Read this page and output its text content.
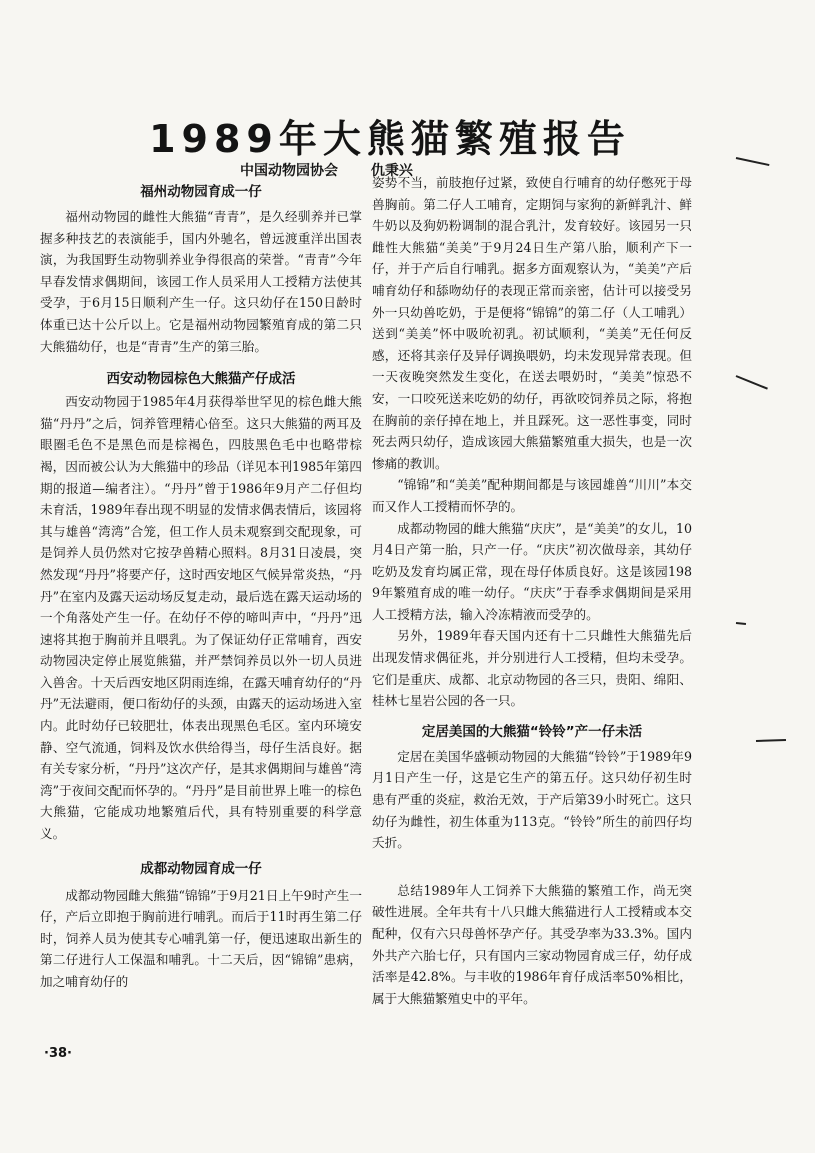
1989年大熊猫繁殖报告
中国动物园协会 仇秉兴
福州动物园育成一仔

福州动物园的雌性大熊猫“青青”，是久经驯养并已掌握多种技艺的表演能手，国内外驰名，曾远渡重洋出国表演，为我国野生动物驯养业争得很高的荣誉。“青青”今年早春发情求偶期间，该园工作人员采用人工授精方法使其受孕，于6月15日顺利产生一仔。这只幼仔在150日龄时体重已达十公斤以上。它是福州动物园繁殖育成的第二只大熊猫幼仔，也是“青青”生产的第三胎。

西安动物园棕色大熊猫产仔成活

西安动物园于1985年4月获得举世罕见的棕色雌大熊猫“丹丹”之后，饲养管理精心倍至。这只大熊猫的两耳及眼圈毛色不是黑色而是棕褐色，四肢黑色毛中也略带棕褐，因而被公认为大熊猫中的珍品（详见本刊1985年第四期的报道—编者注）。“丹丹”曾于1986年9月产二仔但均未育活，1989年春出现不明显的发情求偶表情后，该园将其与雄兽“湾湾”合笼，但工作人员未观察到交配现象，可是饲养人员仍然对它按孕兽精心照料。8月31日凌晨，突然发现“丹丹”将要产仔，这时西安地区气候异常炎热，“丹丹”在室内及露天运动场反复走动，最后选在露天运动场的一个角落处产生一仔。在幼仔不停的啼叫声中，“丹丹”迅速将其抱于胸前并且喂乳。为了保证幼仔正常哺育，西安动物园决定停止展览熊猫，并严禁饲养员以外一切人员进入兽舍。十天后西安地区阴雨连绵，在露天哺育幼仔的“丹丹”无法避雨，便口衔幼仔的头颈，由露天的运动场进入室内。此时幼仔已较肥壮，体表出现黑色毛区。室内环境安静、空气流通，饲料及饮水供给得当，母仔生活良好。据有关专家分析，“丹丹”这次产仔，是其求偶期间与雄兽“湾湾”于夜间交配而怀孕的。“丹丹”是目前世界上唯一的棕色大熊猫，它能成功地繁殖后代，具有特别重要的科学意义。

成都动物园育成一仔

成都动物园雌大熊猫“锦锦”于9月21日上午9时产生一仔，产后立即抱于胸前进行哺乳。而后于11时再生第二仔时，饲养人员为使其专心哺乳第一仔，便迅速取出新生的第二仔进行人工保温和哺乳。十二天后，因“锦锦”患病，加之哺育幼仔的

姿势不当，前肢抱仔过紧，致使自行哺育的幼仔憋死于母兽胸前。第二仔人工哺育，定期饲与家狗的新鲜乳汁、鲜牛奶以及狗奶粉调制的混合乳汁，发育较好。该园另一只雌性大熊猫“美美”于9月24日生产第八胎，顺利产下一仔，并于产后自行哺乳。据多方面观察认为，“美美”产后哺育幼仔和舔吻幼仔的表现正常而亲密，估计可以接受另外一只幼兽吃奶，于是便将“锦锦”的第二仔（人工哺乳）送到“美美”怀中吸吮初乳。初试顺利，“美美”无任何反感，还将其亲仔及异仔调换喂奶，均未发现异常表现。但一天夜晚突然发生变化，在送去喂奶时，“美美”惊恐不安，一口咬死送来吃奶的幼仔，再欲咬饲养员之际，将抱在胸前的亲仔掉在地上，并且踩死。这一恶性事变，同时死去两只幼仔，造成该园大熊猫繁殖重大损失，也是一次惨痛的教训。

“锦锦”和“美美”配种期间都是与该园雄兽“川川”本交而又作人工授精而怀孕的。

成都动物园的雌大熊猫“庆庆”，是“美美”的女儿，10月4日产第一胎，只产一仔。“庆庆”初次做母亲，其幼仔吃奶及发育均属正常，现在母仔体质良好。这是该园1989年繁殖育成的唯一幼仔。“庆庆”于春季求偶期间是采用人工授精方法，输入冷冻精液而受孕的。

另外，1989年春天国内还有十二只雌性大熊猫先后出现发情求偶征兆，并分别进行人工授精，但均未受孕。它们是重庆、成都、北京动物园的各三只，贵阳、绵阳、桂林七星岩公园的各一只。

定居美国的大熊猫“铃铃”产一仔未活

定居在美国华盛顿动物园的大熊猫“铃铃”于1989年9月1日产生一仔，这是它生产的第五仔。这只幼仔初生时患有严重的炎症，救治无效，于产后第39小时死亡。这只幼仔为雌性，初生体重为113克。“铃铃”所生的前四仔均夭折。

总结1989年人工饲养下大熊猫的繁殖工作，尚无突破性进展。全年共有十八只雌大熊猫进行人工授精或本交配种，仅有六只母兽怀孕产仔。其受孕率为33.3%。国内外共产六胎七仔，只有国内三家动物园育成三仔，幼仔成活率是42.8%。与丰收的1986年育仔成活率50%相比，属于大熊猫繁殖史中的平年。

·38·
